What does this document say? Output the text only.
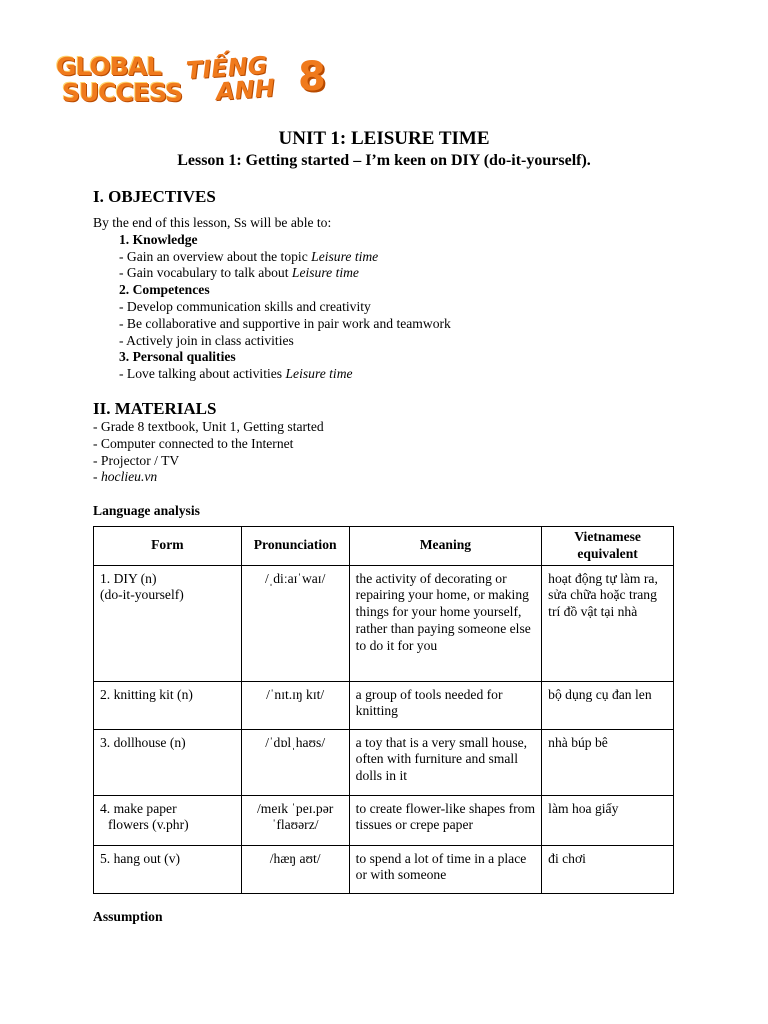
GLOBAL
SUCCESS
TIẾNG
ANH 8
UNIT 1: LEISURE TIME
Lesson 1: Getting started – I’m keen on DIY (do-it-yourself).
I. OBJECTIVES
By the end of this lesson, Ss will be able to:
1. Knowledge
- Gain an overview about the topic Leisure time
- Gain vocabulary to talk about Leisure time
2. Competences
- Develop communication skills and creativity
- Be collaborative and supportive in pair work and teamwork
- Actively join in class activities
3. Personal qualities
- Love talking about activities Leisure time
II. MATERIALS
- Grade 8 textbook, Unit 1, Getting started
- Computer connected to the Internet
- Projector / TV
- hoclieu.vn
Language analysis
Form	Pronunciation	Meaning	Vietnamese equivalent

1. DIY (n)
(do-it-yourself)	/ˌdiːaɪˈwaɪ/	the activity of decorating or repairing your home, or making things for your home yourself, rather than paying someone else to do it for you	hoạt động tự làm ra, sửa chữa hoặc trang trí đồ vật tại nhà

2. knitting kit (n)	/ˈnɪt.ɪŋ kɪt/	a group of tools needed for knitting	bộ dụng cụ đan len

3. dollhouse (n)	/ˈdɒlˌhaʊs/	a toy that is a very small house, often with furniture and small dolls in it	nhà búp bê

4. make paper
flowers (v.phr)	/meɪk ˈpeɪ.pər ˈflaʊərz/	to create flower-like shapes from tissues or crepe paper	làm hoa giấy

5. hang out (v)	/hæŋ aʊt/	to spend a lot of time in a place or with someone	đi chơi
Assumption
